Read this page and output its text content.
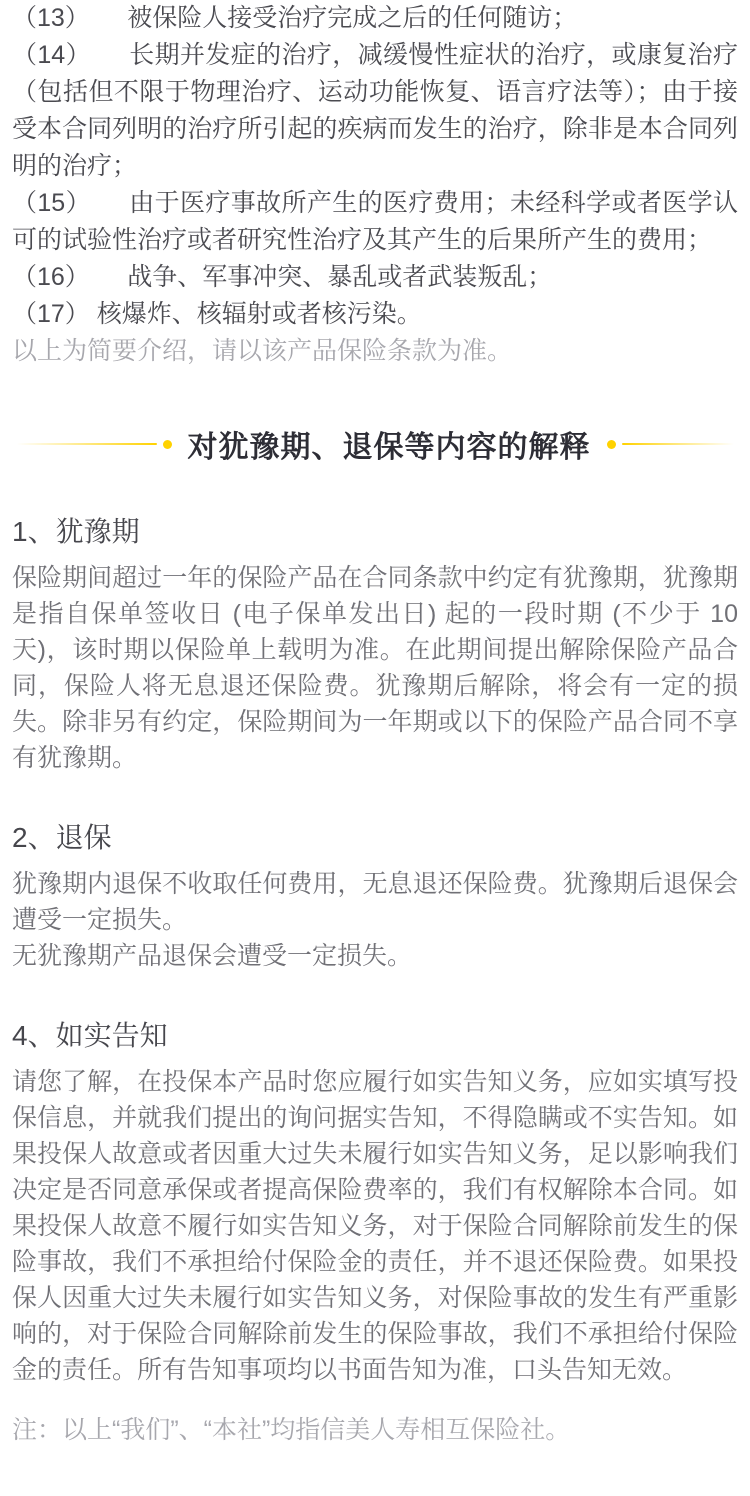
（13）　　被保险人接受治疗完成之后的任何随访；

（14）　　长期并发症的治疗，减缓慢性症状的治疗，或康复治疗（包括但不限于物理治疗、运动功能恢复、语言疗法等）；由于接受本合同列明的治疗所引起的疾病而发生的治疗，除非是本合同列明的治疗；

（15）　　由于医疗事故所产生的医疗费用；未经科学或者医学认可的试验性治疗或者研究性治疗及其产生的后果所产生的费用；

（16）　　战争、军事冲突、暴乱或者武装叛乱；

（17） 核爆炸、核辐射或者核污染。

以上为简要介绍，请以该产品保险条款为准。

对犹豫期、退保等内容的解释
1、犹豫期

保险期间超过一年的保险产品在合同条款中约定有犹豫期，犹豫期是指自保单签收日 (电子保单发出日) 起的一段时期 (不少于 10 天)，该时期以保险单上载明为准。在此期间提出解除保险产品合同，保险人将无息退还保险费。犹豫期后解除，将会有一定的损失。除非另有约定，保险期间为一年期或以下的保险产品合同不享有犹豫期。

2、退保

犹豫期内退保不收取任何费用，无息退还保险费。犹豫期后退保会遭受一定损失。

无犹豫期产品退保会遭受一定损失。

4、如实告知

请您了解，在投保本产品时您应履行如实告知义务，应如实填写投保信息，并就我们提出的询问据实告知，不得隐瞒或不实告知。如果投保人故意或者因重大过失未履行如实告知义务，足以影响我们决定是否同意承保或者提高保险费率的，我们有权解除本合同。如果投保人故意不履行如实告知义务，对于保险合同解除前发生的保险事故，我们不承担给付保险金的责任，并不退还保险费。如果投保人因重大过失未履行如实告知义务，对保险事故的发生有严重影响的，对于保险合同解除前发生的保险事故，我们不承担给付保险金的责任。所有告知事项均以书面告知为准，口头告知无效。

注：以上“我们”、“本社”均指信美人寿相互保险社。
